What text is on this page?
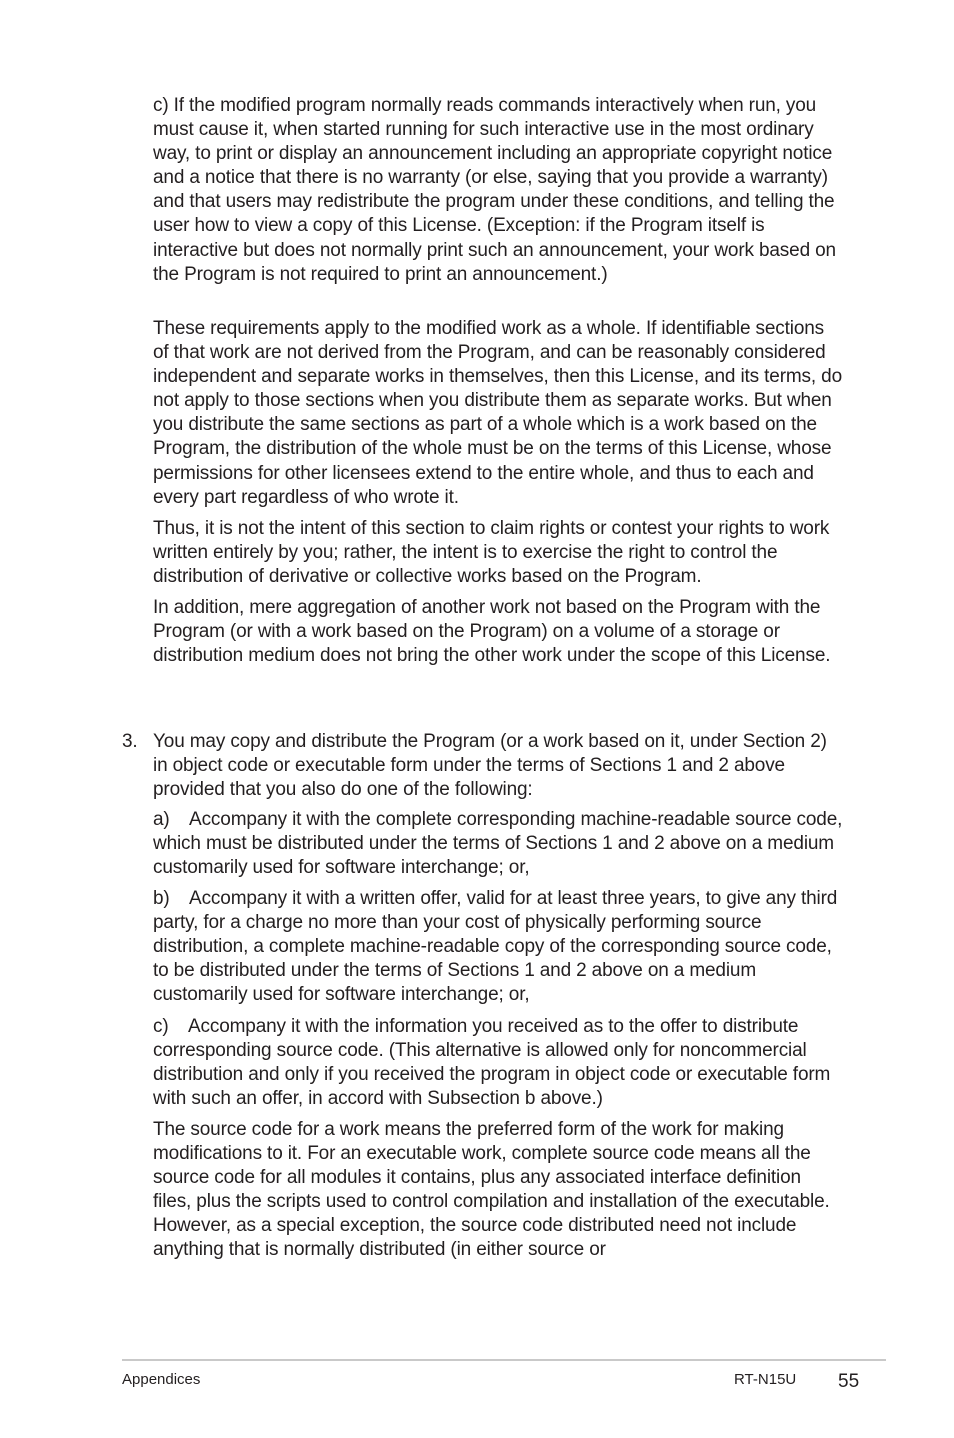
c) If the modified program normally reads commands interactively when run, you must cause it, when started running for such interactive use in the most ordinary way, to print or display an announcement including an appropriate copyright notice and a notice that there is no warranty (or else, saying that you provide a warranty) and that users may redistribute the program under these conditions, and telling the user how to view a copy of this License. (Exception: if the Program itself is interactive but does not normally print such an announcement, your work based on the Program is not required to print an announcement.)

These requirements apply to the modified work as a whole. If identifiable sections of that work are not derived from the Program, and can be reasonably considered independent and separate works in themselves, then this License, and its terms, do not apply to those sections when you distribute them as separate works. But when you distribute the same sections as part of a whole which is a work based on the Program, the distribution of the whole must be on the terms of this License, whose permissions for other licensees extend to the entire whole, and thus to each and every part regardless of who wrote it.

Thus, it is not the intent of this section to claim rights or contest your rights to work written entirely by you; rather, the intent is to exercise the right to control the distribution of derivative or collective works based on the Program.

In addition, mere aggregation of another work not based on the Program with the Program (or with a work based on the Program) on a volume of a storage or distribution medium does not bring the other work under the scope of this License.

3. You may copy and distribute the Program (or a work based on it, under Section 2) in object code or executable form under the terms of Sections 1 and 2 above provided that you also do one of the following:

a)    Accompany it with the complete corresponding machine-readable source code, which must be distributed under the terms of Sections 1 and 2 above on a medium customarily used for software interchange; or,

b)    Accompany it with a written offer, valid for at least three years, to give any third party, for a charge no more than your cost of physically performing source distribution, a complete machine-readable copy of the corresponding source code, to be distributed under the terms of Sections 1 and 2 above on a medium customarily used for software interchange; or,

c)    Accompany it with the information you received as to the offer to distribute corresponding source code. (This alternative is allowed only for noncommercial distribution and only if you received the program in object code or executable form with such an offer, in accord with Subsection b above.)

The source code for a work means the preferred form of the work for making modifications to it. For an executable work, complete source code means all the source code for all modules it contains, plus any associated interface definition files, plus the scripts used to control compilation and installation of the executable. However, as a special exception, the source code distributed need not include anything that is normally distributed (in either source or

Appendices	RT-N15U 55
